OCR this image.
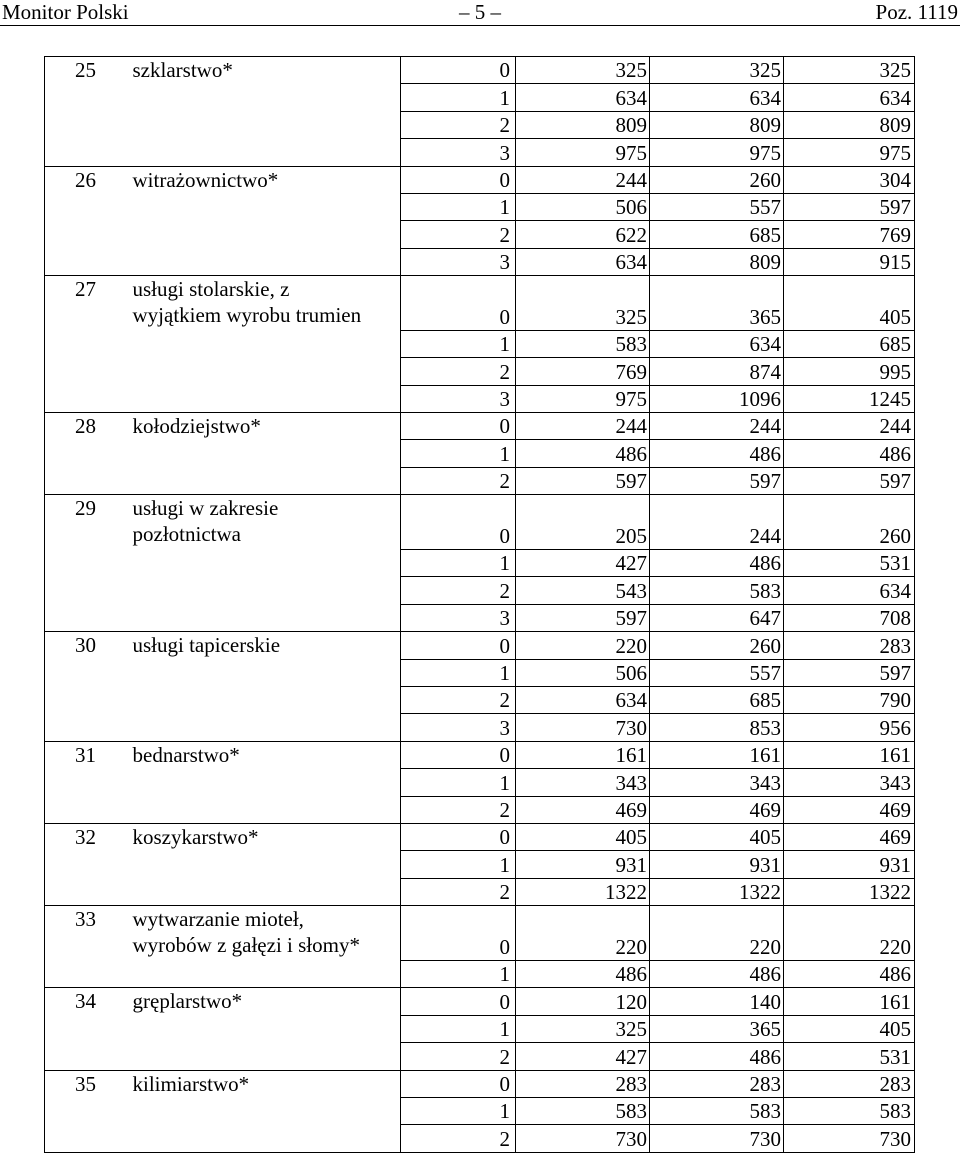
Monitor Polski	– 5 –	Poz. 1119
25	szklarstwo*	0	325	325	325
		1	634	634	634
		2	809	809	809
		3	975	975	975
26	witrażownictwo*	0	244	260	304
		1	506	557	597
		2	622	685	769
		3	634	809	915
27	usługi stolarskie, z
wyjątkiem wyrobu trumien	0	325	365	405
		1	583	634	685
		2	769	874	995
		3	975	1096	1245
28	kołodziejstwo*	0	244	244	244
		1	486	486	486
		2	597	597	597
29	usługi w zakresie
pozłotnictwa	0	205	244	260
		1	427	486	531
		2	543	583	634
		3	597	647	708
30	usługi tapicerskie	0	220	260	283
		1	506	557	597
		2	634	685	790
		3	730	853	956
31	bednarstwo*	0	161	161	161
		1	343	343	343
		2	469	469	469
32	koszykarstwo*	0	405	405	469
		1	931	931	931
		2	1322	1322	1322
33	wytwarzanie mioteł,
wyrobów z gałęzi i słomy*	0	220	220	220
		1	486	486	486
34	gręplarstwo*	0	120	140	161
		1	325	365	405
		2	427	486	531
35	kilimiarstwo*	0	283	283	283
		1	583	583	583
		2	730	730	730
